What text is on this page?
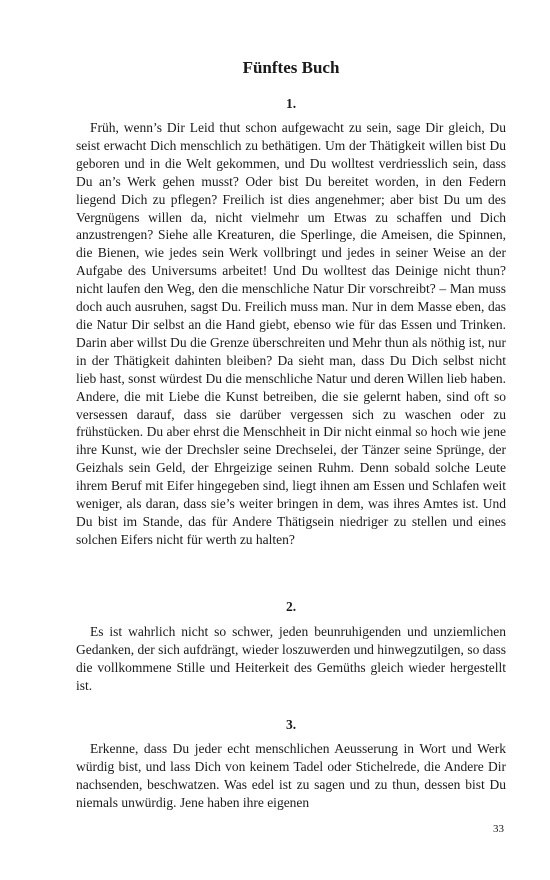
Fünftes Buch
1.

Früh, wenn’s Dir Leid thut schon aufgewacht zu sein, sage Dir gleich, Du seist erwacht Dich menschlich zu bethätigen. Um der Thätigkeit willen bist Du geboren und in die Welt gekommen, und Du wolltest verdriesslich sein, dass Du an’s Werk gehen musst? Oder bist Du bereitet worden, in den Federn liegend Dich zu pflegen? Freilich ist dies angenehmer; aber bist Du um des Vergnügens willen da, nicht vielmehr um Etwas zu schaffen und Dich anzustrengen? Siehe alle Kreaturen, die Sperlinge, die Ameisen, die Spinnen, die Bienen, wie jedes sein Werk vollbringt und jedes in seiner Weise an der Aufgabe des Universums arbeitet! Und Du wolltest das Deinige nicht thun? nicht laufen den Weg, den die menschliche Natur Dir vorschreibt? – Man muss doch auch ausruhen, sagst Du. Freilich muss man. Nur in dem Masse eben, das die Natur Dir selbst an die Hand giebt, ebenso wie für das Essen und Trinken. Darin aber willst Du die Grenze überschreiten und Mehr thun als nöthig ist, nur in der Thätigkeit dahinten bleiben? Da sieht man, dass Du Dich selbst nicht lieb hast, sonst würdest Du die menschliche Natur und deren Willen lieb haben. Andere, die mit Liebe die Kunst betreiben, die sie gelernt haben, sind oft so versessen darauf, dass sie darüber vergessen sich zu waschen oder zu frühstücken. Du aber ehrst die Menschheit in Dir nicht einmal so hoch wie jene ihre Kunst, wie der Drechsler seine Drechselei, der Tänzer seine Sprünge, der Geizhals sein Geld, der Ehrgeizige seinen Ruhm. Denn sobald solche Leute ihrem Beruf mit Eifer hingegeben sind, liegt ihnen am Essen und Schlafen weit weniger, als daran, dass sie’s weiter bringen in dem, was ihres Amtes ist. Und Du bist im Stande, das für Andere Thätigsein niedriger zu stellen und eines solchen Eifers nicht für werth zu halten?

2.

Es ist wahrlich nicht so schwer, jeden beunruhigenden und unziemlichen Gedanken, der sich aufdrängt, wieder loszuwerden und hinwegzutilgen, so dass die vollkommene Stille und Heiterkeit des Gemüths gleich wieder hergestellt ist.

3.

Erkenne, dass Du jeder echt menschlichen Aeusserung in Wort und Werk würdig bist, und lass Dich von keinem Tadel oder Stichelrede, die Andere Dir nachsenden, beschwatzen. Was edel ist zu sagen und zu thun, dessen bist Du niemals unwürdig. Jene haben ihre eigenen

33
